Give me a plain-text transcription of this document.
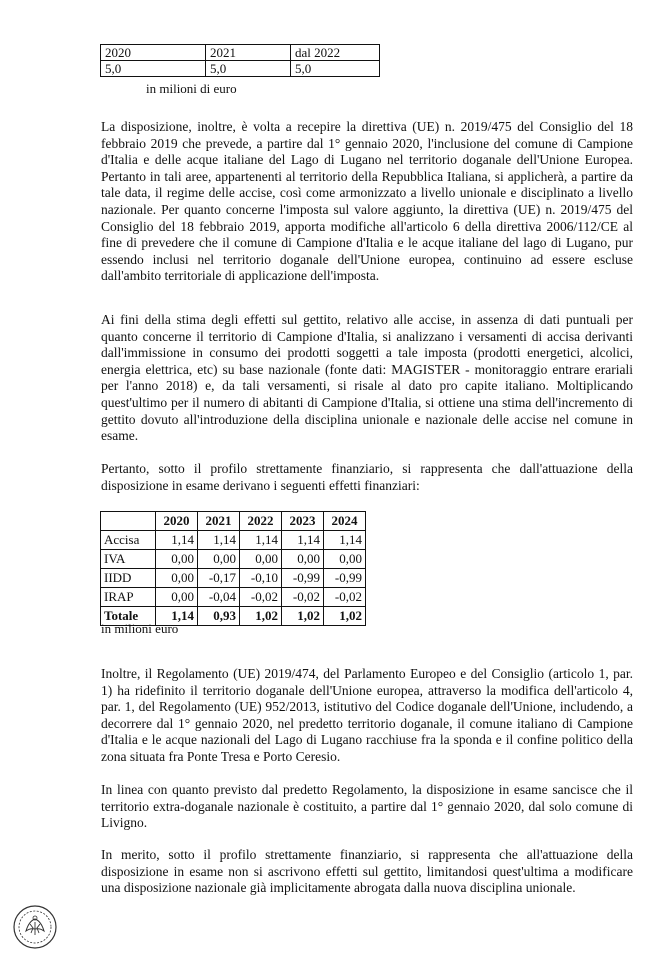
2020	2021	dal 2022
5,0	5,0	5,0
in milioni di euro

La disposizione, inoltre, è volta a recepire la direttiva (UE) n. 2019/475 del Consiglio del 18 febbraio 2019 che prevede, a partire dal 1° gennaio 2020, l'inclusione del comune di Campione d'Italia e delle acque italiane del Lago di Lugano nel territorio doganale dell'Unione Europea. Pertanto in tali aree, appartenenti al territorio della Repubblica Italiana, si applicherà, a partire da tale data, il regime delle accise, così come armonizzato a livello unionale e disciplinato a livello nazionale. Per quanto concerne l'imposta sul valore aggiunto, la direttiva (UE) n. 2019/475 del Consiglio del 18 febbraio 2019, apporta modifiche all'articolo 6 della direttiva 2006/112/CE al fine di prevedere che il comune di Campione d'Italia e le acque italiane del lago di Lugano, pur essendo inclusi nel territorio doganale dell'Unione europea, continuino ad essere escluse dall'ambito territoriale di applicazione dell'imposta.

Ai fini della stima degli effetti sul gettito, relativo alle accise, in assenza di dati puntuali per quanto concerne il territorio di Campione d'Italia, si analizzano i versamenti di accisa derivanti dall'immissione in consumo dei prodotti soggetti a tale imposta (prodotti energetici, alcolici, energia elettrica, etc) su base nazionale (fonte dati: MAGISTER - monitoraggio entrare erariali per l'anno 2018) e, da tali versamenti, si risale al dato pro capite italiano. Moltiplicando quest'ultimo per il numero di abitanti di Campione d'Italia, si ottiene una stima dell'incremento di gettito dovuto all'introduzione della disciplina unionale e nazionale delle accise nel comune in esame.

Pertanto, sotto il profilo strettamente finanziario, si rappresenta che dall'attuazione della disposizione in esame derivano i seguenti effetti finanziari:

	2020	2021	2022	2023	2024
Accisa	1,14	1,14	1,14	1,14	1,14
IVA	0,00	0,00	0,00	0,00	0,00
IIDD	0,00	-0,17	-0,10	-0,99	-0,99
IRAP	0,00	-0,04	-0,02	-0,02	-0,02
Totale	1,14	0,93	1,02	1,02	1,02
in milioni euro

Inoltre, il Regolamento (UE) 2019/474, del Parlamento Europeo e del Consiglio (articolo 1, par. 1) ha ridefinito il territorio doganale dell'Unione europea, attraverso la modifica dell'articolo 4, par. 1, del Regolamento (UE) 952/2013, istitutivo del Codice doganale dell'Unione, includendo, a decorrere dal 1° gennaio 2020, nel predetto territorio doganale, il comune italiano di Campione d'Italia e le acque nazionali del Lago di Lugano racchiuse fra la sponda e il confine politico della zona situata fra Ponte Tresa e Porto Ceresio.

In linea con quanto previsto dal predetto Regolamento, la disposizione in esame sancisce che il territorio extra-doganale nazionale è costituito, a partire dal 1° gennaio 2020, dal solo comune di Livigno.

In merito, sotto il profilo strettamente finanziario, si rappresenta che all'attuazione della disposizione in esame non si ascrivono effetti sul gettito, limitandosi quest'ultima a modificare una disposizione nazionale già implicitamente abrogata dalla nuova disciplina unionale.
